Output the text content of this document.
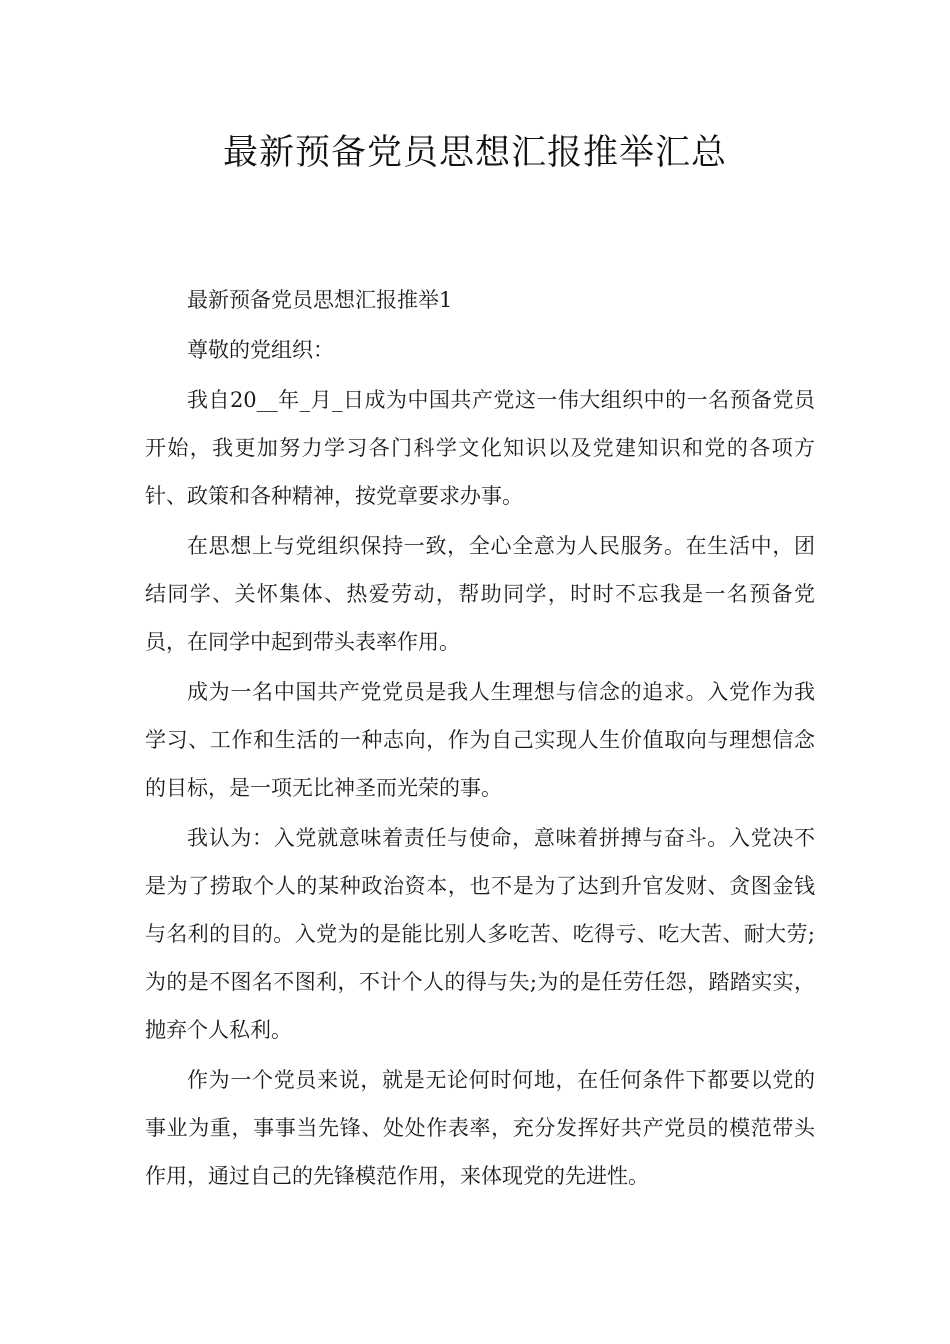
最新预备党员思想汇报推举汇总

最新预备党员思想汇报推举1

尊敬的党组织：

我自20__年_月_日成为中国共产党这一伟大组织中的一名预备党员开始，我更加努力学习各门科学文化知识以及党建知识和党的各项方针、政策和各种精神，按党章要求办事。

在思想上与党组织保持一致，全心全意为人民服务。在生活中，团结同学、关怀集体、热爱劳动，帮助同学，时时不忘我是一名预备党员，在同学中起到带头表率作用。

成为一名中国共产党党员是我人生理想与信念的追求。入党作为我学习、工作和生活的一种志向，作为自己实现人生价值取向与理想信念的目标，是一项无比神圣而光荣的事。

我认为：入党就意味着责任与使命，意味着拼搏与奋斗。入党决不是为了捞取个人的某种政治资本，也不是为了达到升官发财、贪图金钱与名利的目的。入党为的是能比别人多吃苦、吃得亏、吃大苦、耐大劳;为的是不图名不图利，不计个人的得与失;为的是任劳任怨，踏踏实实，抛弃个人私利。

作为一个党员来说，就是无论何时何地，在任何条件下都要以党的事业为重，事事当先锋、处处作表率，充分发挥好共产党员的模范带头作用，通过自己的先锋模范作用，来体现党的先进性。
